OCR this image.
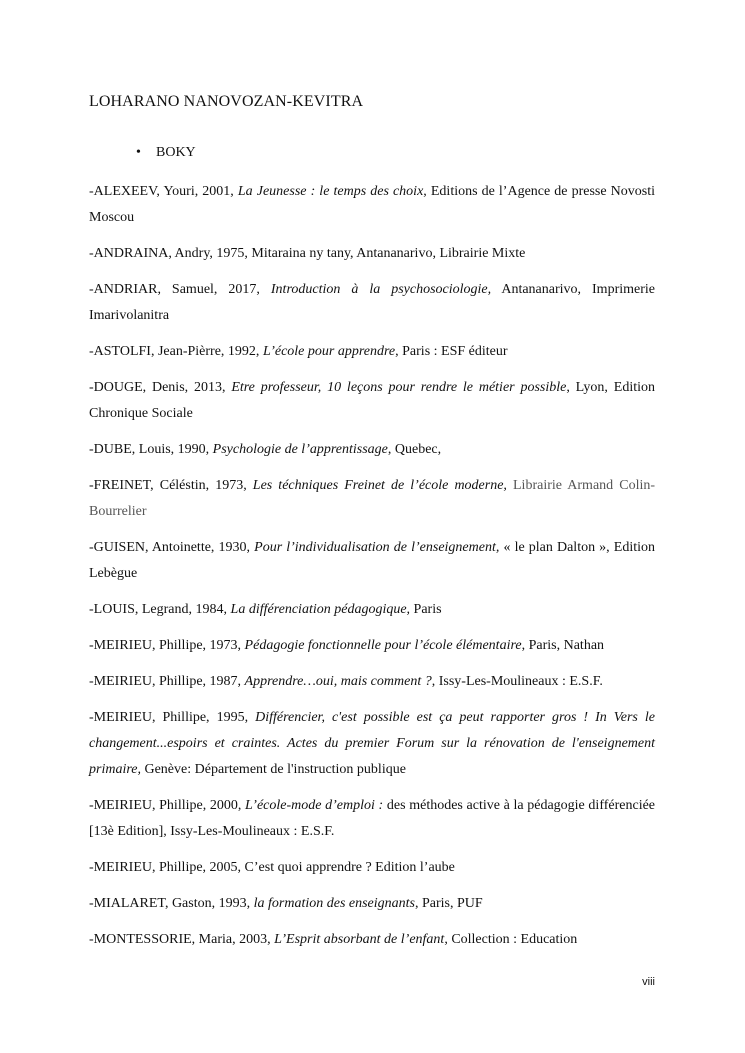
LOHARANO NANOVOZAN-KEVITRA
• BOKY

-ALEXEEV, Youri, 2001, La Jeunesse : le temps des choix, Editions de l’Agence de presse Novosti Moscou

-ANDRAINA, Andry, 1975, Mitaraina ny tany, Antananarivo, Librairie Mixte

-ANDRIAR, Samuel, 2017, Introduction à la psychosociologie, Antananarivo, Imprimerie Imarivolanitra

-ASTOLFI, Jean-Pièrre, 1992, L’école pour apprendre, Paris : ESF éditeur

-DOUGE, Denis, 2013, Etre professeur, 10 leçons pour rendre le métier possible, Lyon, Edition Chronique Sociale

-DUBE, Louis, 1990, Psychologie de l’apprentissage, Quebec,

-FREINET, Céléstin, 1973, Les téchniques Freinet de l’école moderne, Librairie Armand Colin-Bourrelier

-GUISEN, Antoinette, 1930, Pour l’individualisation de l’enseignement, « le plan Dalton », Edition Lebègue

-LOUIS, Legrand, 1984, La différenciation pédagogique, Paris

-MEIRIEU, Phillipe, 1973, Pédagogie fonctionnelle pour l’école élémentaire, Paris, Nathan

-MEIRIEU, Phillipe, 1987, Apprendre…oui, mais comment ?, Issy-Les-Moulineaux : E.S.F.

-MEIRIEU, Phillipe, 1995, Différencier, c'est possible est ça peut rapporter gros ! In Vers le changement...espoirs et craintes. Actes du premier Forum sur la rénovation de l'enseignement primaire, Genève: Département de l'instruction publique

-MEIRIEU, Phillipe, 2000, L’école-mode d’emploi : des méthodes active à la pédagogie différenciée [13è Edition], Issy-Les-Moulineaux : E.S.F.

-MEIRIEU, Phillipe, 2005, C’est quoi apprendre ? Edition l’aube

-MIALARET, Gaston, 1993, la formation des enseignants, Paris, PUF

-MONTESSORIE, Maria, 2003, L’Esprit absorbant de l’enfant, Collection : Education

viii
